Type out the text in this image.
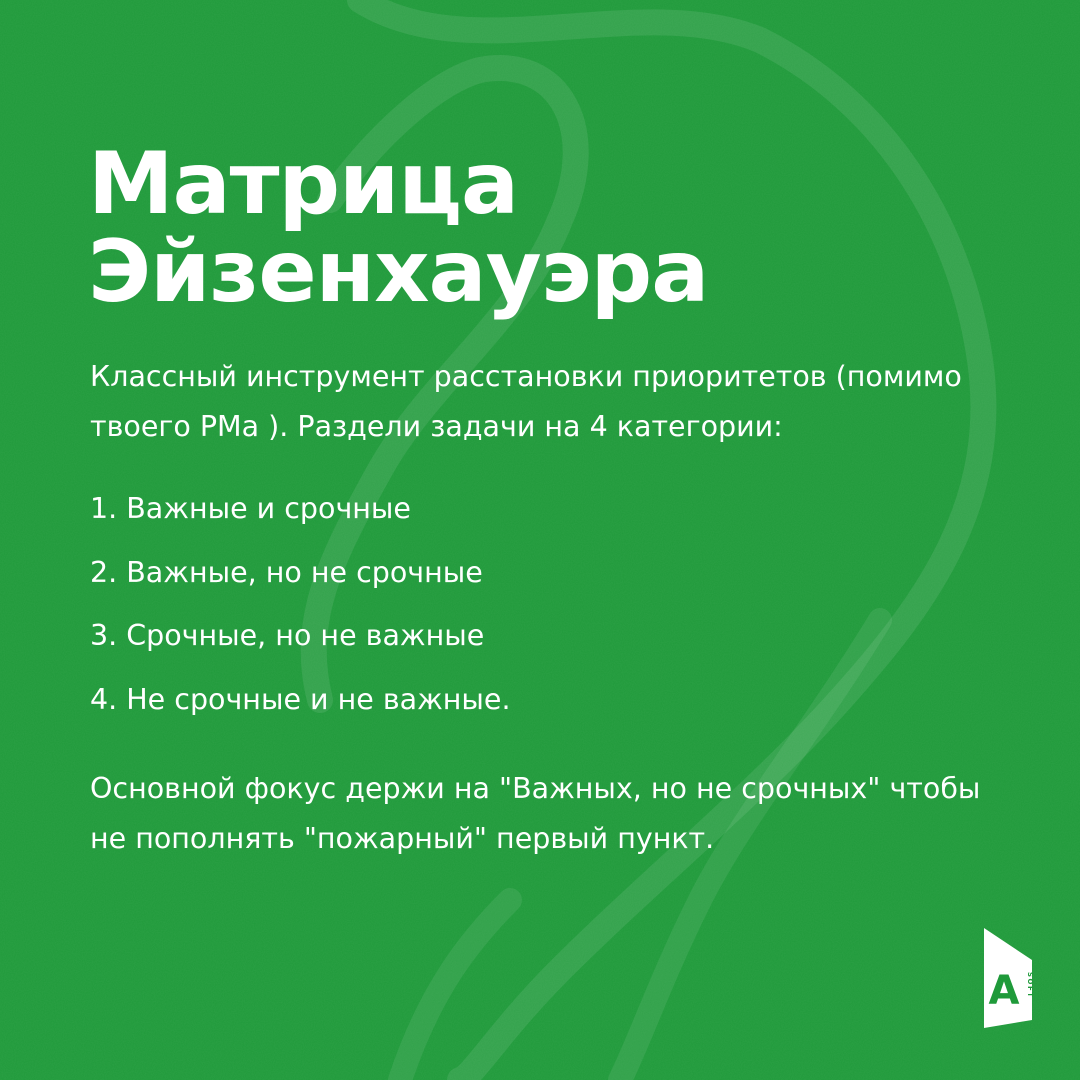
Матрица
Эйзенхауэра

Классный инструмент расстановки приоритетов (помимо
твоего PMа ). Раздели задачи на 4 категории:

1. Важные и срочные
2. Важные, но не срочные
3. Срочные, но не важные
4. Не срочные и не важные.

Основной фокус держи на "Важных, но не срочных" чтобы
не пополнять "пожарный" первый пункт.

A SOFT
